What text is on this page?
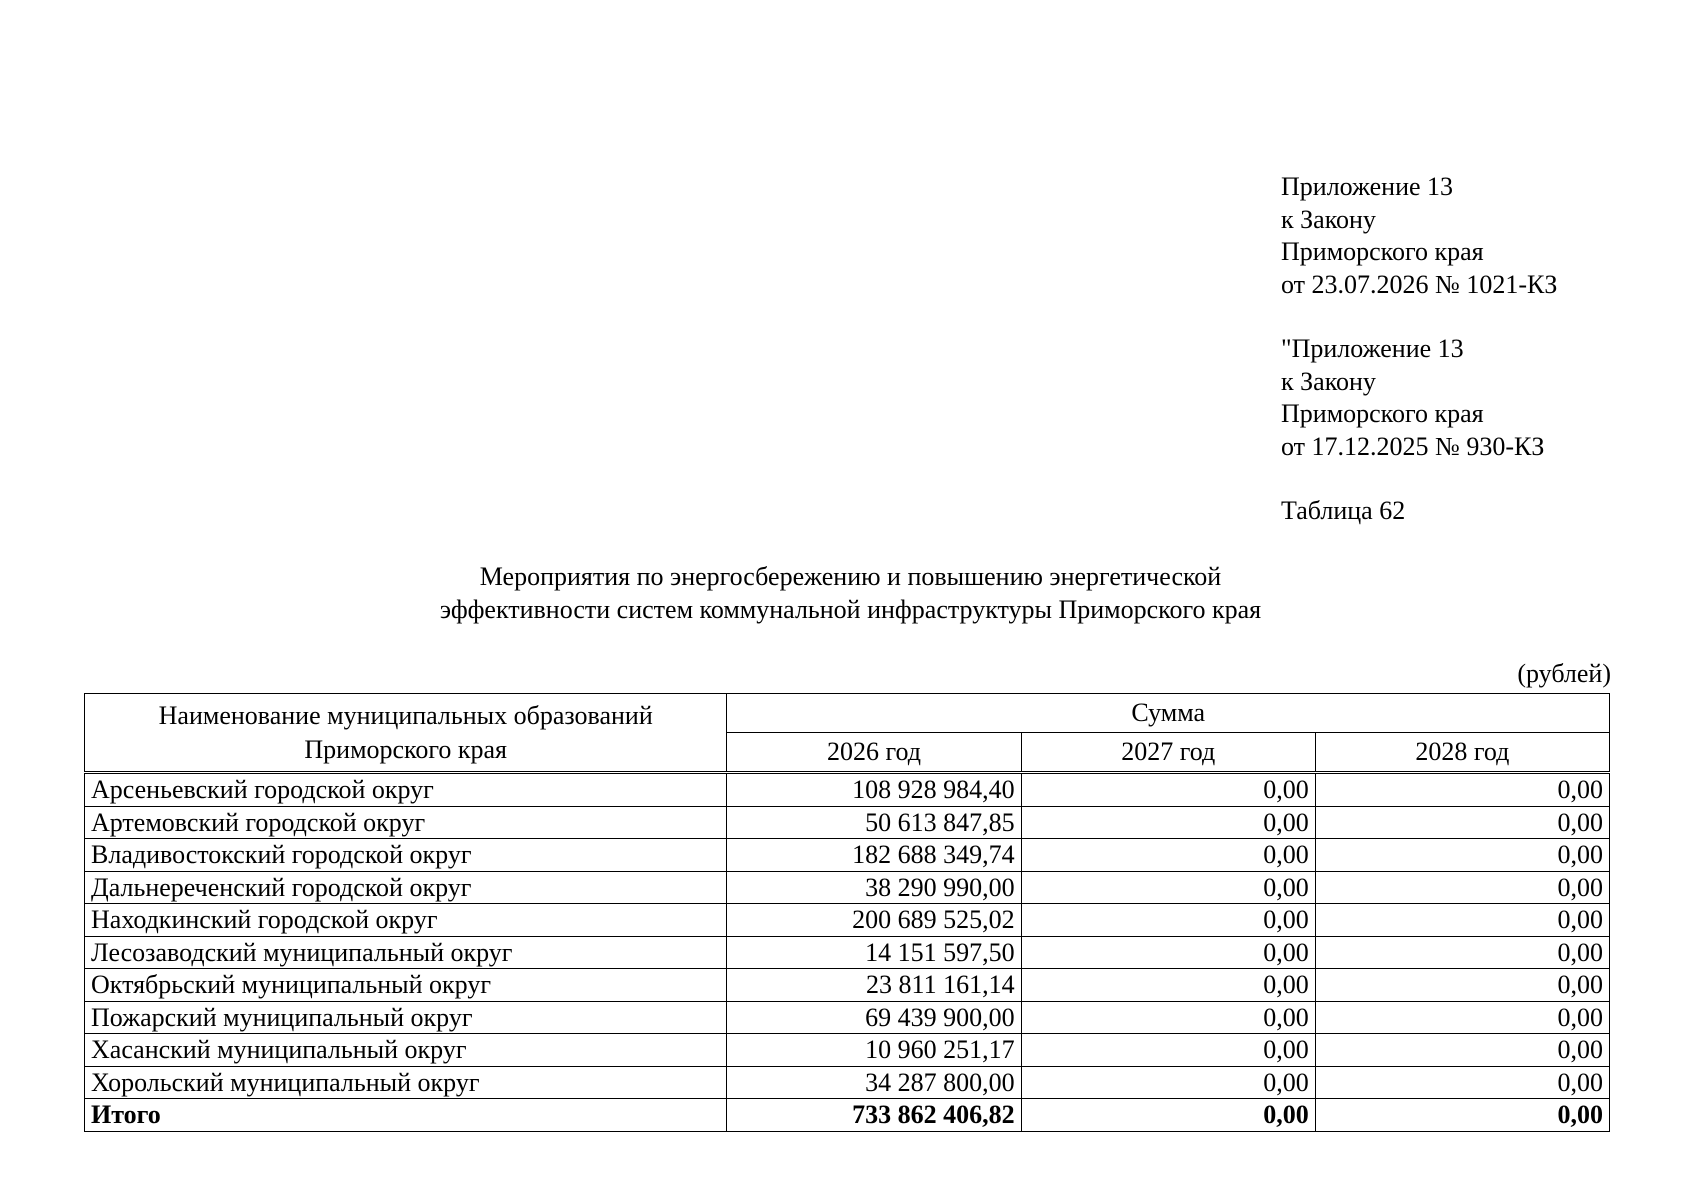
Приложение 13
к Закону
Приморского края
от 23.07.2026 № 1021-КЗ
"Приложение 13
к Закону
Приморского края
от 17.12.2025 № 930-КЗ
Таблица 62
Мероприятия по энергосбережению и повышению энергетической
эффективности систем коммунальной инфраструктуры Приморского края
(рублей)
Наименование муниципальных образований
Приморского края	Сумма		
	2026 год	2027 год	2028 год
Арсеньевский городской округ	108 928 984,40	0,00	0,00
Артемовский городской округ	50 613 847,85	0,00	0,00
Владивостокский городской округ	182 688 349,74	0,00	0,00
Дальнереченский городской округ	38 290 990,00	0,00	0,00
Находкинский городской округ	200 689 525,02	0,00	0,00
Лесозаводский муниципальный округ	14 151 597,50	0,00	0,00
Октябрьский муниципальный округ	23 811 161,14	0,00	0,00
Пожарский муниципальный округ	69 439 900,00	0,00	0,00
Хасанский муниципальный округ	10 960 251,17	0,00	0,00
Хорольский муниципальный округ	34 287 800,00	0,00	0,00
Итого	733 862 406,82	0,00	0,00
